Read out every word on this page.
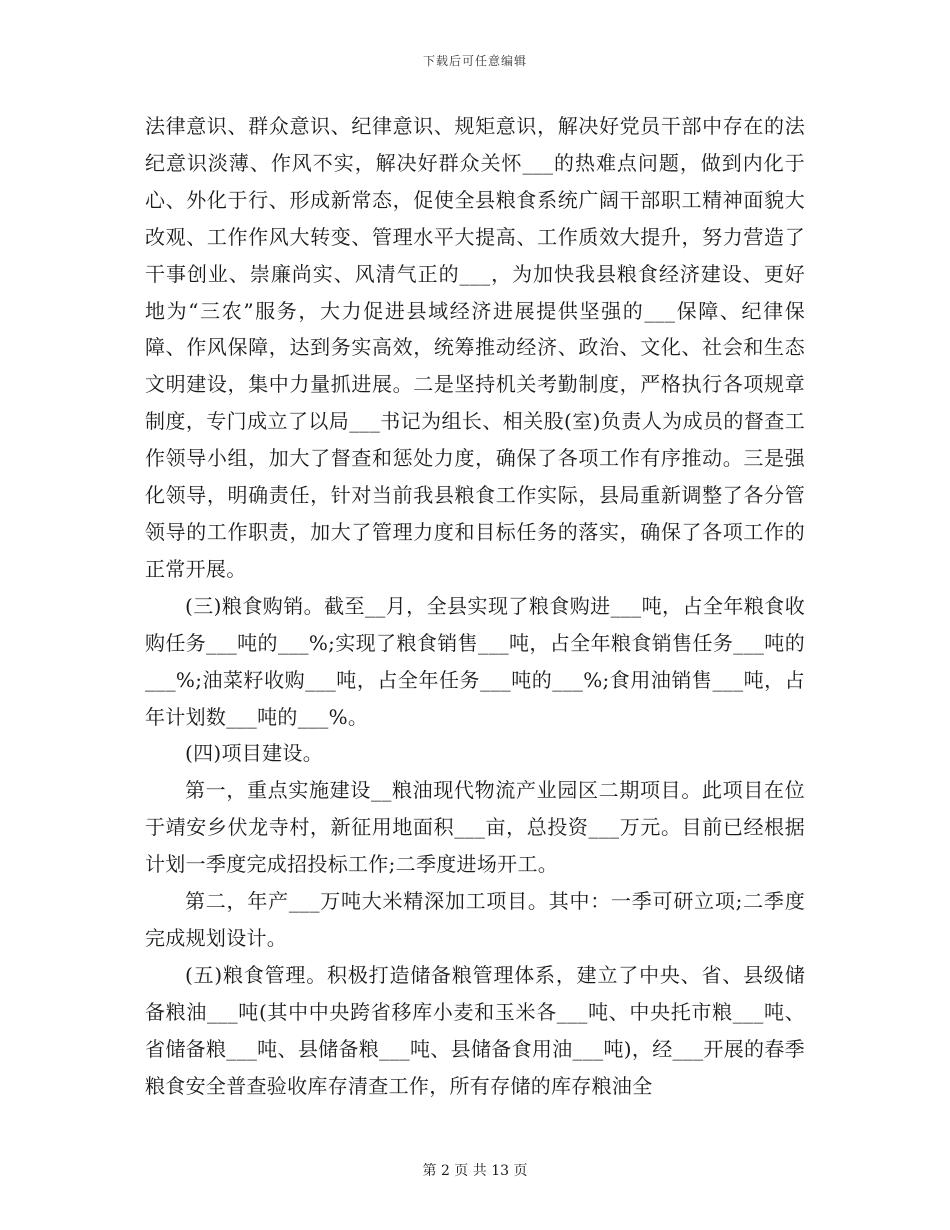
下载后可任意编辑

法律意识、群众意识、纪律意识、规矩意识，解决好党员干部中存在的法纪意识淡薄、作风不实，解决好群众关怀___的热难点问题，做到内化于心、外化于行、形成新常态，促使全县粮食系统广阔干部职工精神面貌大改观、工作作风大转变、管理水平大提高、工作质效大提升，努力营造了干事创业、崇廉尚实、风清气正的___，为加快我县粮食经济建设、更好地为“三农”服务，大力促进县域经济进展提供坚强的___保障、纪律保障、作风保障，达到务实高效，统筹推动经济、政治、文化、社会和生态文明建设，集中力量抓进展。二是坚持机关考勤制度，严格执行各项规章制度，专门成立了以局___书记为组长、相关股(室)负责人为成员的督查工作领导小组，加大了督查和惩处力度，确保了各项工作有序推动。三是强化领导，明确责任，针对当前我县粮食工作实际，县局重新调整了各分管领导的工作职责，加大了管理力度和目标任务的落实，确保了各项工作的正常开展。

(三)粮食购销。截至__月，全县实现了粮食购进___吨，占全年粮食收购任务___吨的___%;实现了粮食销售___吨，占全年粮食销售任务___吨的___%;油菜籽收购___吨，占全年任务___吨的___%;食用油销售___吨，占年计划数___吨的___%。

(四)项目建设。

第一，重点实施建设__粮油现代物流产业园区二期项目。此项目在位于靖安乡伏龙寺村，新征用地面积___亩，总投资___万元。目前已经根据计划一季度完成招投标工作;二季度进场开工。

第二，年产___万吨大米精深加工项目。其中：一季可研立项;二季度完成规划设计。

(五)粮食管理。积极打造储备粮管理体系，建立了中央、省、县级储备粮油___吨(其中中央跨省移库小麦和玉米各___吨、中央托市粮___吨、省储备粮___吨、县储备粮___吨、县储备食用油___吨)，经___开展的春季粮食安全普查验收库存清查工作，所有存储的库存粮油全

第 2 页 共 13 页
